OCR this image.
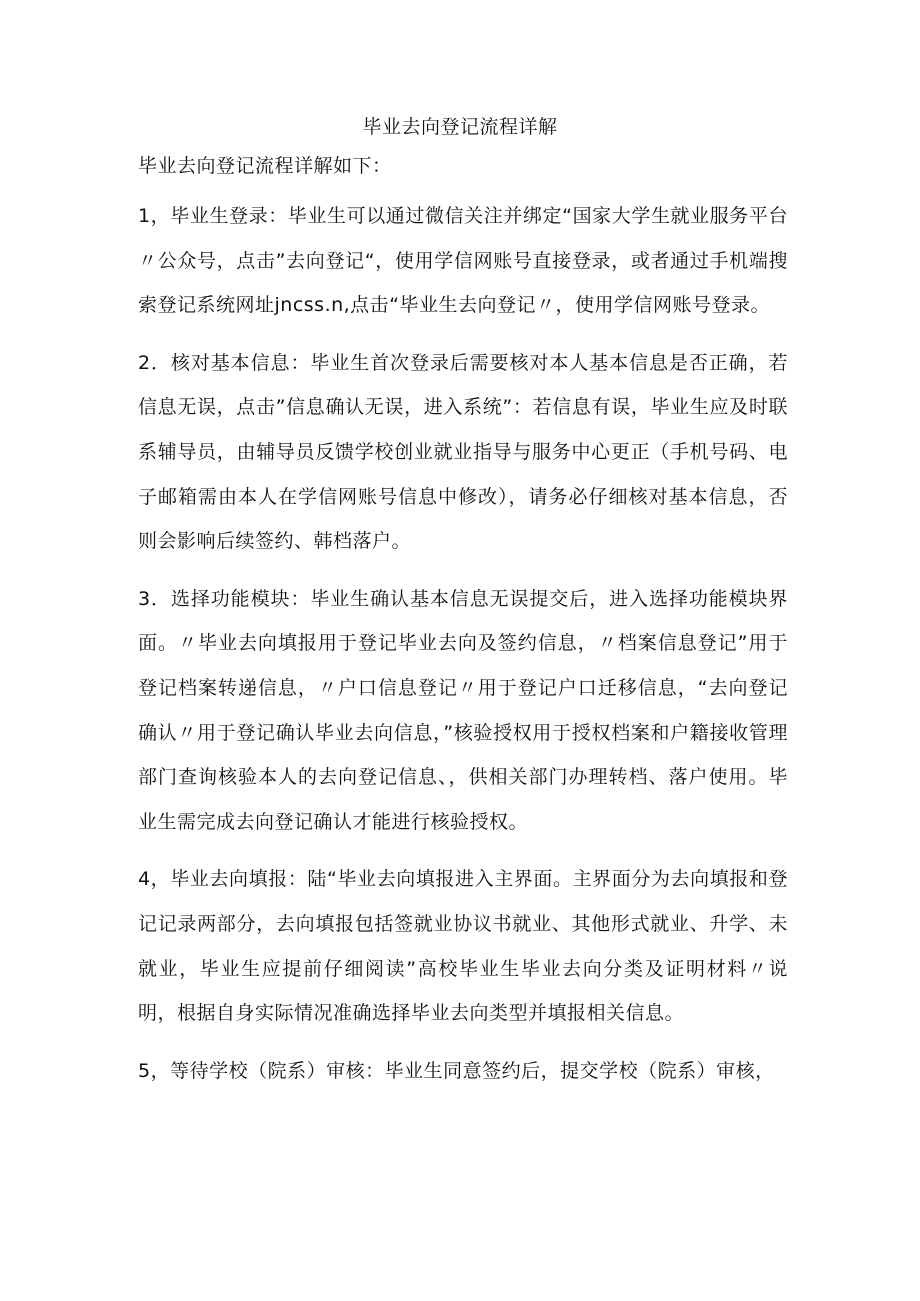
毕业去向登记流程详解

毕业去向登记流程详解如下：

1，毕业生登录：毕业生可以通过微信关注并绑定“国家大学生就业服务平台〃公众号，点击”去向登记“，使用学信网账号直接登录，或者通过手机端搜索登记系统网址jncss.n,点击“毕业生去向登记〃，使用学信网账号登录。

2．核对基本信息：毕业生首次登录后需要核对本人基本信息是否正确，若信息无误，点击”信息确认无误，进入系统”：若信息有误，毕业生应及时联系辅导员，由辅导员反馈学校创业就业指导与服务中心更正（手机号码、电子邮箱需由本人在学信网账号信息中修改），请务必仔细核对基本信息，否则会影响后续签约、韩档落户。

3．选择功能模块：毕业生确认基本信息无误提交后，进入选择功能模块界面。〃毕业去向填报用于登记毕业去向及签约信息，〃档案信息登记”用于登记档案转递信息，〃户口信息登记〃用于登记户口迁移信息，“去向登记确认〃用于登记确认毕业去向信息，”核验授权用于授权档案和户籍接收管理部门查询核验本人的去向登记信息、，供相关部门办理转档、落户使用。毕业生需完成去向登记确认才能进行核验授权。

4，毕业去向填报：陆“毕业去向填报进入主界面。主界面分为去向填报和登记记录两部分，去向填报包括签就业协议书就业、其他形式就业、升学、未就业，毕业生应提前仔细阅读”高校毕业生毕业去向分类及证明材料〃说明，根据自身实际情况准确选择毕业去向类型并填报相关信息。

5，等待学校（院系）审核：毕业生同意签约后，提交学校（院系）审核，
